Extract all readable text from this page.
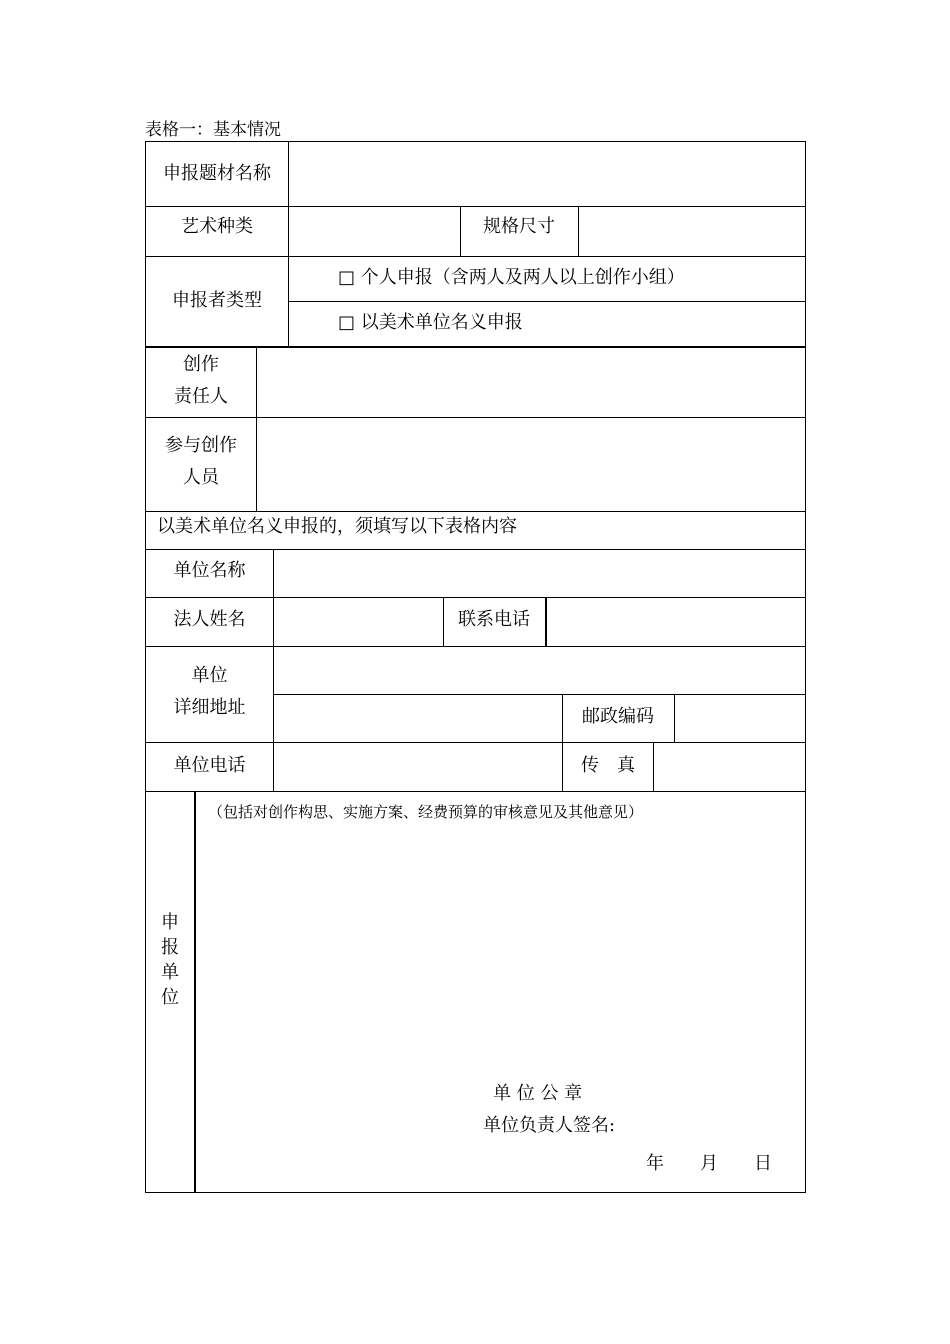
表格一：基本情况
申报题材名称
艺术种类	规格尺寸
申报者类型
□ 个人申报（含两人及两人以上创作小组）
□ 以美术单位名义申报
创作
责任人
参与创作
人员
以美术单位名义申报的，须填写以下表格内容
单位名称
法人姓名	联系电话
单位
详细地址	邮政编码
单位电话	传　真
申报单位
（包括对创作构思、实施方案、经费预算的审核意见及其他意见）
单 位 公 章
单位负责人签名:
年　　月　　日
